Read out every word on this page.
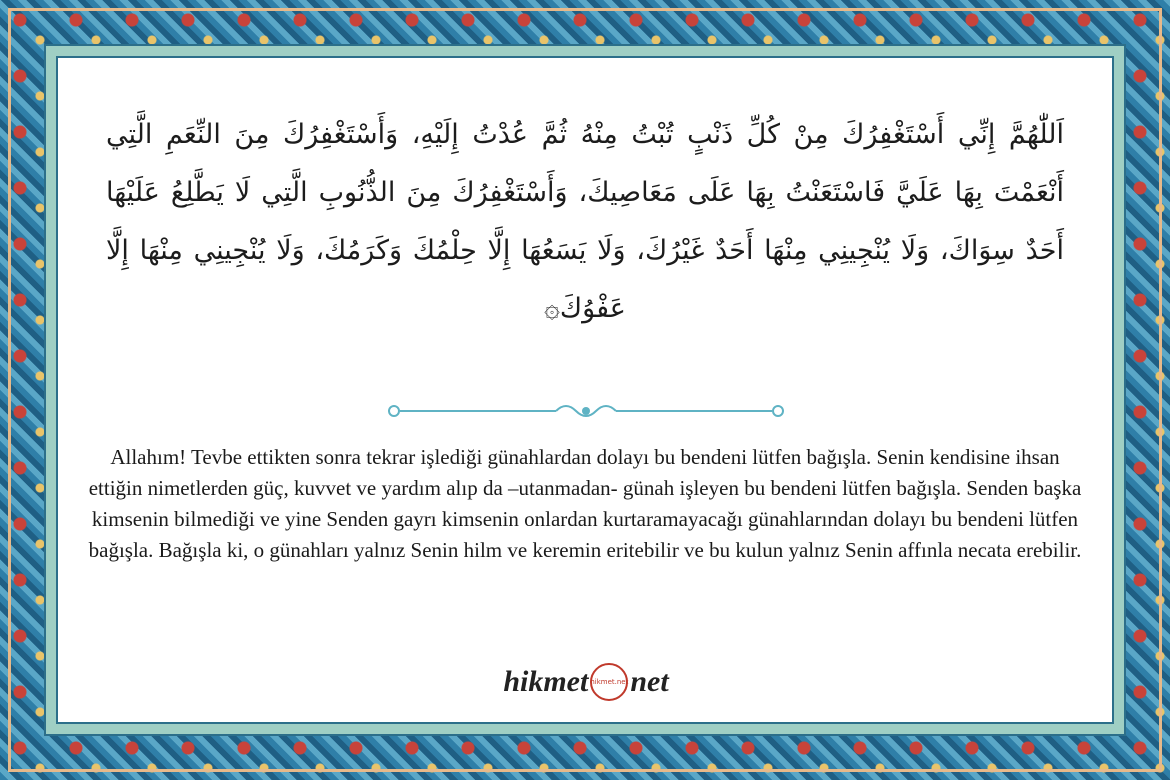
اَللّٰهُمَّ إِنِّي أَسْتَغْفِرُكَ مِنْ كُلِّ ذَنْبٍ تُبْتُ مِنْهُ ثُمَّ عُدْتُ إِلَيْهِ، وَأَسْتَغْفِرُكَ مِنَ النِّعَمِ الَّتِي أَنْعَمْتَ بِهَا عَلَيَّ فَاسْتَعَنْتُ بِهَا عَلَى مَعَاصِيكَ، وَأَسْتَغْفِرُكَ مِنَ الذُّنُوبِ الَّتِي لَا يَطَّلِعُ عَلَيْهَا أَحَدٌ سِوَاكَ، وَلَا يُنْجِينِي مِنْهَا أَحَدٌ غَيْرُكَ، وَلَا يَسَعُهَا إِلَّا حِلْمُكَ وَكَرَمُكَ، وَلَا يُنْجِينِي مِنْهَا إِلَّا عَفْوُكَ۞
Allahım! Tevbe ettikten sonra tekrar işlediği günahlardan dolayı bu bendeni lütfen bağışla. Senin kendisine ihsan ettiğin nimetlerden güç, kuvvet ve yardım alıp da –utanmadan- günah işleyen bu bendeni lütfen bağışla. Senden başka kimsenin bilmediği ve yine Senden gayrı kimsenin onlardan kurtaramayacağı günahlarından dolayı bu bendeni lütfen bağışla. Bağışla ki, o günahları yalnız Senin hilm ve keremin eritebilir ve bu kulun yalnız Senin affınla necata erebilir.
hikmet hikmet.net net
